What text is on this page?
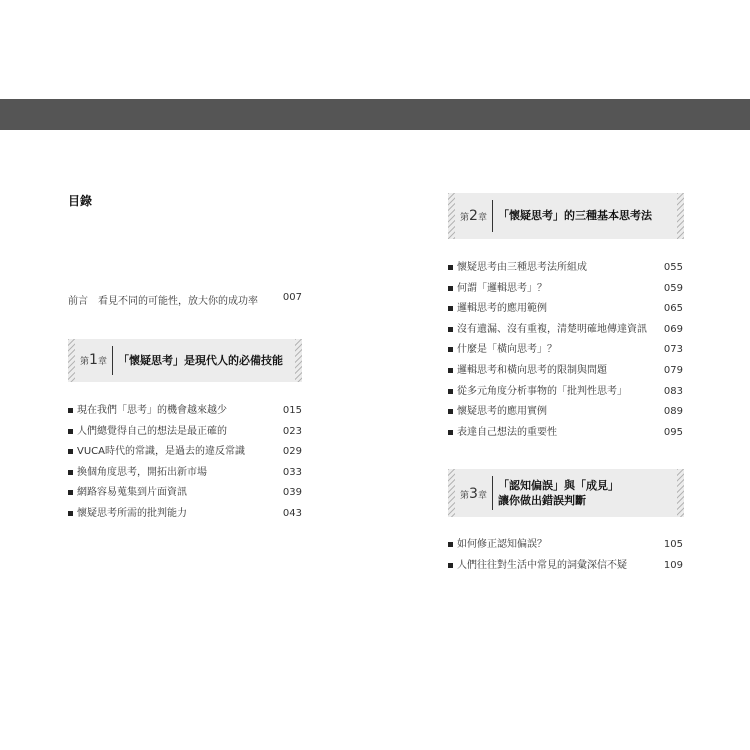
目錄
前言 看見不同的可能性，放大你的成功率 007
第1章 「懷疑思考」是現代人的必備技能
現在我們「思考」的機會越來越少	015
人們總覺得自己的想法是最正確的	023
VUCA時代的常識，是過去的違反常識	029
換個角度思考，開拓出新市場	033
網路容易蒐集到片面資訊	039
懷疑思考所需的批判能力	043
第2章 「懷疑思考」的三種基本思考法
懷疑思考由三種思考法所組成	055
何謂「邏輯思考」？	059
邏輯思考的應用範例	065
沒有遺漏、沒有重複，清楚明確地傳達資訊 069
什麼是「橫向思考」？	073
邏輯思考和橫向思考的限制與問題	079
從多元角度分析事物的「批判性思考」	083
懷疑思考的應用實例	089
表達自己想法的重要性	095
第3章
「認知偏誤」與「成見」
讓你做出錯誤判斷
如何修正認知偏誤？	105
人們往往對生活中常見的詞彙深信不疑	109
